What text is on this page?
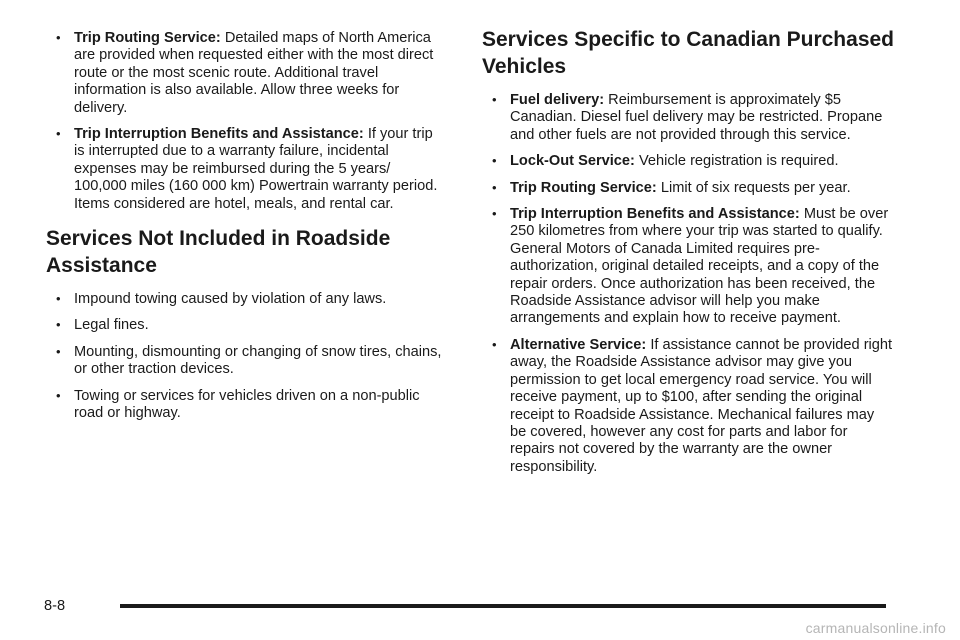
• Trip Routing Service: Detailed maps of North America are provided when requested either with the most direct route or the most scenic route. Additional travel information is also available. Allow three weeks for delivery.
• Trip Interruption Benefits and Assistance: If your trip is interrupted due to a warranty failure, incidental expenses may be reimbursed during the 5 years/ 100,000 miles (160 000 km) Powertrain warranty period. Items considered are hotel, meals, and rental car.
Services Not Included in Roadside Assistance
• Impound towing caused by violation of any laws.
• Legal fines.
• Mounting, dismounting or changing of snow tires, chains, or other traction devices.
• Towing or services for vehicles driven on a non-public road or highway.
Services Specific to Canadian Purchased Vehicles
• Fuel delivery: Reimbursement is approximately $5 Canadian. Diesel fuel delivery may be restricted. Propane and other fuels are not provided through this service.
• Lock-Out Service: Vehicle registration is required.
• Trip Routing Service: Limit of six requests per year.
• Trip Interruption Benefits and Assistance: Must be over 250 kilometres from where your trip was started to qualify. General Motors of Canada Limited requires pre-authorization, original detailed receipts, and a copy of the repair orders. Once authorization has been received, the Roadside Assistance advisor will help you make arrangements and explain how to receive payment.
• Alternative Service: If assistance cannot be provided right away, the Roadside Assistance advisor may give you permission to get local emergency road service. You will receive payment, up to $100, after sending the original receipt to Roadside Assistance. Mechanical failures may be covered, however any cost for parts and labor for repairs not covered by the warranty are the owner responsibility.
8-8
carmanualsonline.info
